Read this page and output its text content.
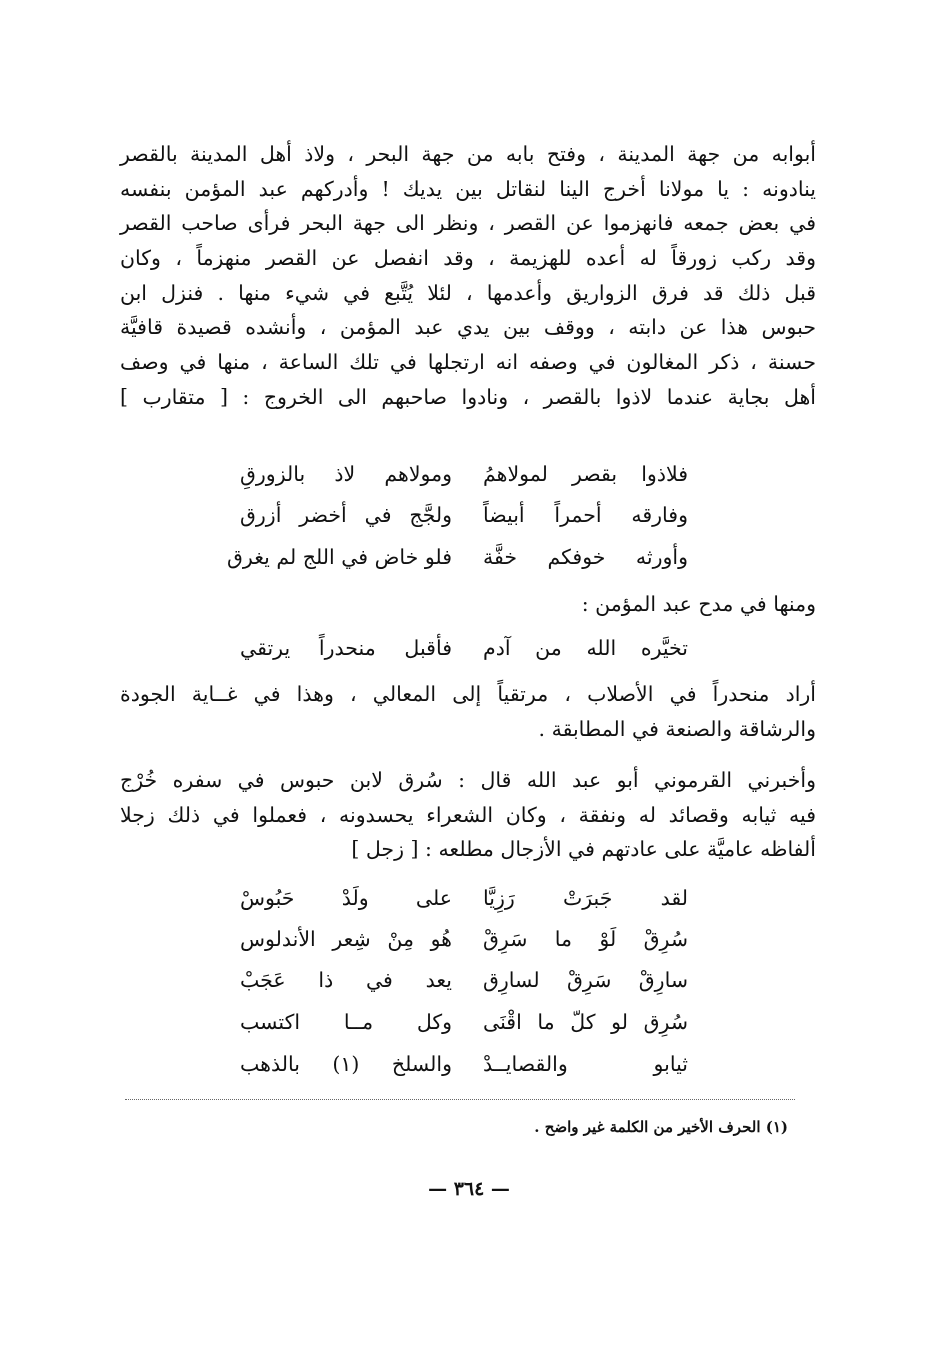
أبوابه من جهة المدينة ، وفتح بابه من جهة البحر ، ولاذ أهل المدينة بالقصر
ينادونه : يا مولانا أخرج الينا لنقاتل بين يديك ! وأدركهم عبد المؤمن بنفسه
في بعض جمعه فانهزموا عن القصر ، ونظر الى جهة البحر فرأى صاحب القصر
وقد ركب زورقاً له أعده للهزيمة ، وقد انفصل عن القصر منهزماً ، وكان
قبل ذلك قد فرق الزواريق وأعدمها ، لئلا يُتَّبع في شيء منها . فنزل ابن
حبوس هذا عن دابته ، ووقف بين يدي عبد المؤمن ، وأنشده قصيدة قافيَّة
حسنة ، ذكر المغالون في وصفه انه ارتجلها في تلك الساعة ، منها في وصف
أهل بجاية عندما لاذوا بالقصر ، ونادوا صاحبهم الى الخروج : [ متقارب ]
فلاذوا بقصر لمولاهمُ
ومولاهم لاذ بالزورقِ
وفارقه أحمراً أبيضاً
ولجَّج في أخضر أزرق
وأورثه خوفكم خفَّة
فلو خاض في اللج لم يغرق
ومنها في مدح عبد المؤمن :
تخيَّره الله من آدم
فأقبل منحدراً يرتقي
أراد منحدراً في الأصلاب ، مرتقياً إلى المعالي ، وهذا في غــاية الجودة
والرشاقة والصنعة في المطابقة .
وأخبرني القرموني أبو عبد الله قال : سُرق لابن حبوس في سفره خُرْج
فيه ثيابه وقصائد له ونفقة ، وكان الشعراء يحسدونه ، فعملوا في ذلك زجلا
ألفاظه عاميَّة على عادتهم في الأزجال مطلعه : [ زجل ]
لقد جَبرَتْ رَزِيَّا
على ولَدْ حَبُوسْ
سُرِقْ لَوْ ما سَرِقْ
هُو مِنْ شِعر الأندلوس
سارِقْ سَرِقْ لسارِق
يعد في ذا عَجَبْ
سُرِق لو كلّ ما اقْنَى
وكل مــا اكتسب
ثيابو والقصايــدْ
والسلخ (١) بالذهب
(١) الحرف الأخير من الكلمة غير واضح .
— ٣٦٤ —
